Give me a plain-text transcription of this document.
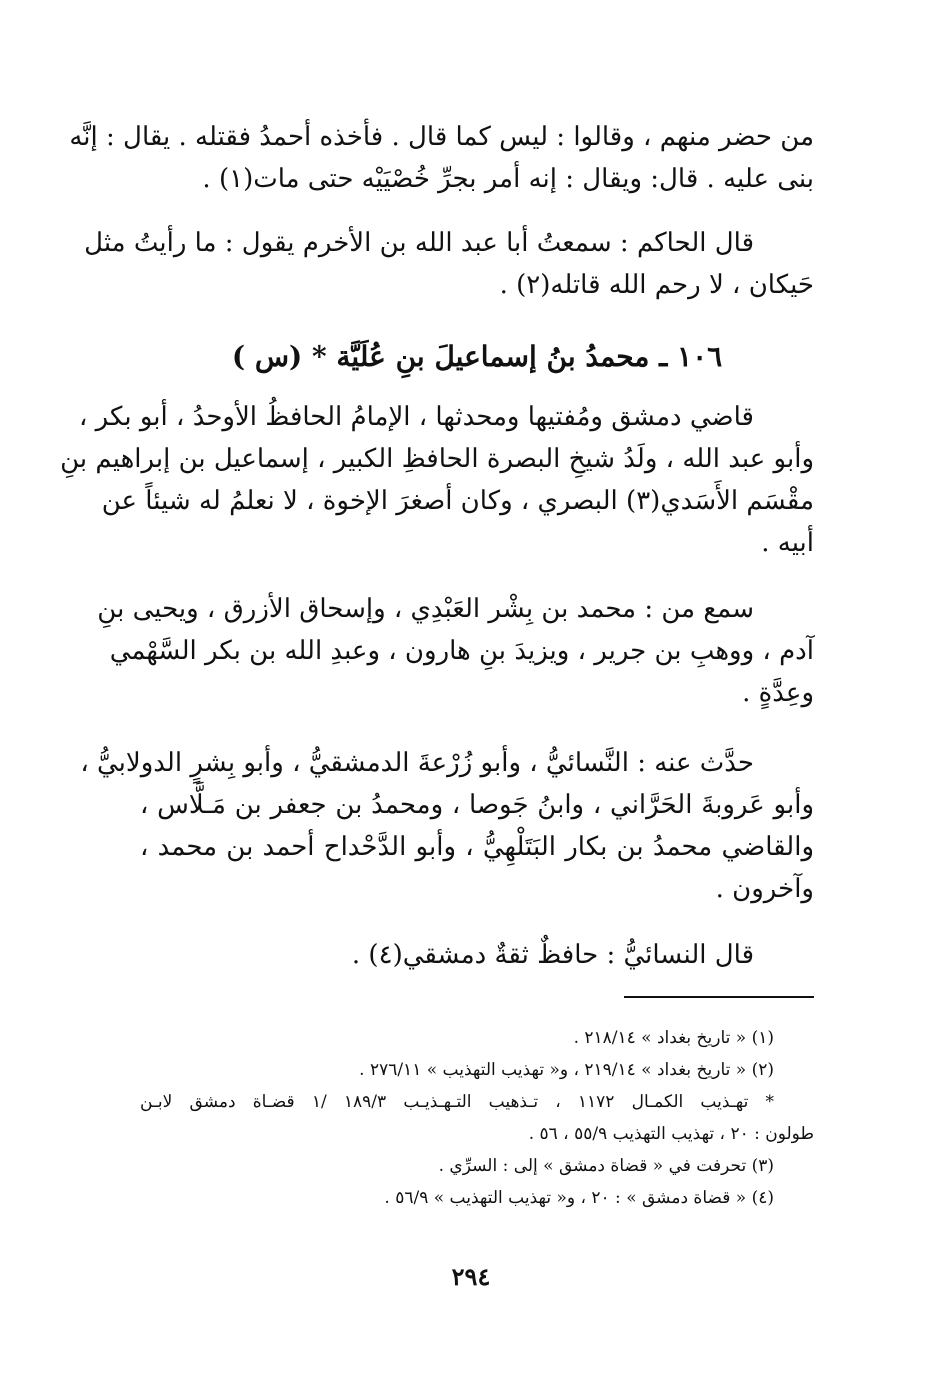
من حضر منهم ، وقالوا : ليس كما قال . فأخذه أحمدُ فقتله . يقال : إنَّه
بنى عليه . قال: ويقال : إنه أمر بجرِّ خُصْيَيْه حتى مات(١) .
قال الحاكم : سمعتُ أبا عبد الله بن الأخرم يقول : ما رأيتُ مثل
حَيكان ، لا رحم الله قاتله(٢) .
١٠٦ ـ محمدُ بنُ إسماعيلَ بنِ عُلَيَّة * (س )
قاضي دمشق ومُفتيها ومحدثها ، الإمامُ الحافظُ الأوحدُ ، أبو بكر ،
وأبو عبد الله ، ولَدُ شيخِ البصرة الحافظِ الكبير ، إسماعيل بن إبراهيم بنِ
مقْسَم الأَسَدي(٣) البصري ، وكان أصغرَ الإخوة ، لا نعلمُ له شيئاً عن
أبيه .
سمع من : محمد بن بِشْر العَبْدِي ، وإسحاق الأزرق ، ويحيى بنِ
آدم ، ووهبِ بن جرير ، ويزيدَ بنِ هارون ، وعبدِ الله بن بكر السَّهْمي
وعِدَّةٍ .
حدَّث عنه : النَّسائيُّ ، وأبو زُرْعةَ الدمشقيُّ ، وأبو بِشرٍ الدولابيُّ ،
وأبو عَروبةَ الحَرَّاني ، وابنُ جَوصا ، ومحمدُ بن جعفر بن مَـلَّاس ،
والقاضي محمدُ بن بكار البَتَلْهِيُّ ، وأبو الدَّحْداح أحمد بن محمد ،
وآخرون .
قال النسائيُّ : حافظٌ ثقةٌ دمشقي(٤) .
(١) « تاريخ بغداد » ٢١٨/١٤ .
(٢) « تاريخ بغداد » ٢١٩/١٤ ، و« تهذيب التهذيب » ٢٧٦/١١ .
* تهـذيب الكمـال ١١٧٢ ، تـذهيب التـهـذيـب ١٨٩/٣ /١ قضـاة دمشق لابـن
طولون : ٢٠ ، تهذيب التهذيب ٥٥/٩ ، ٥٦ .
(٣) تحرفت في « قضاة دمشق » إلى : السرِّي .
(٤) « قضاة دمشق » : ٢٠ ، و« تهذيب التهذيب » ٥٦/٩ .
٢٩٤
